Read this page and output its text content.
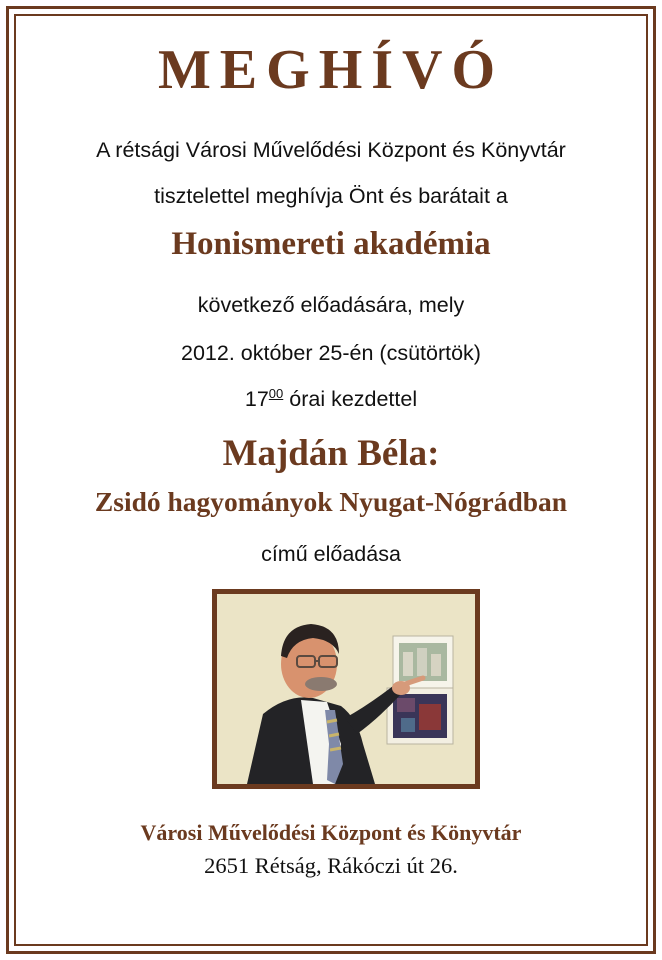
MEGHÍVÓ
A rétsági Városi Művelődési Központ és Könyvtár
tisztelettel meghívja Önt és barátait a
Honismereti akadémia
következő előadására, mely
2012. október 25-én (csütörtök)
$17^{00}$ órai kezdettel
Majdán Béla:
Zsidó hagyományok Nyugat-Nógrádban
című előadása
Városi Művelődési Központ és Könyvtár
2651 Rétság, Rákóczi út 26.
